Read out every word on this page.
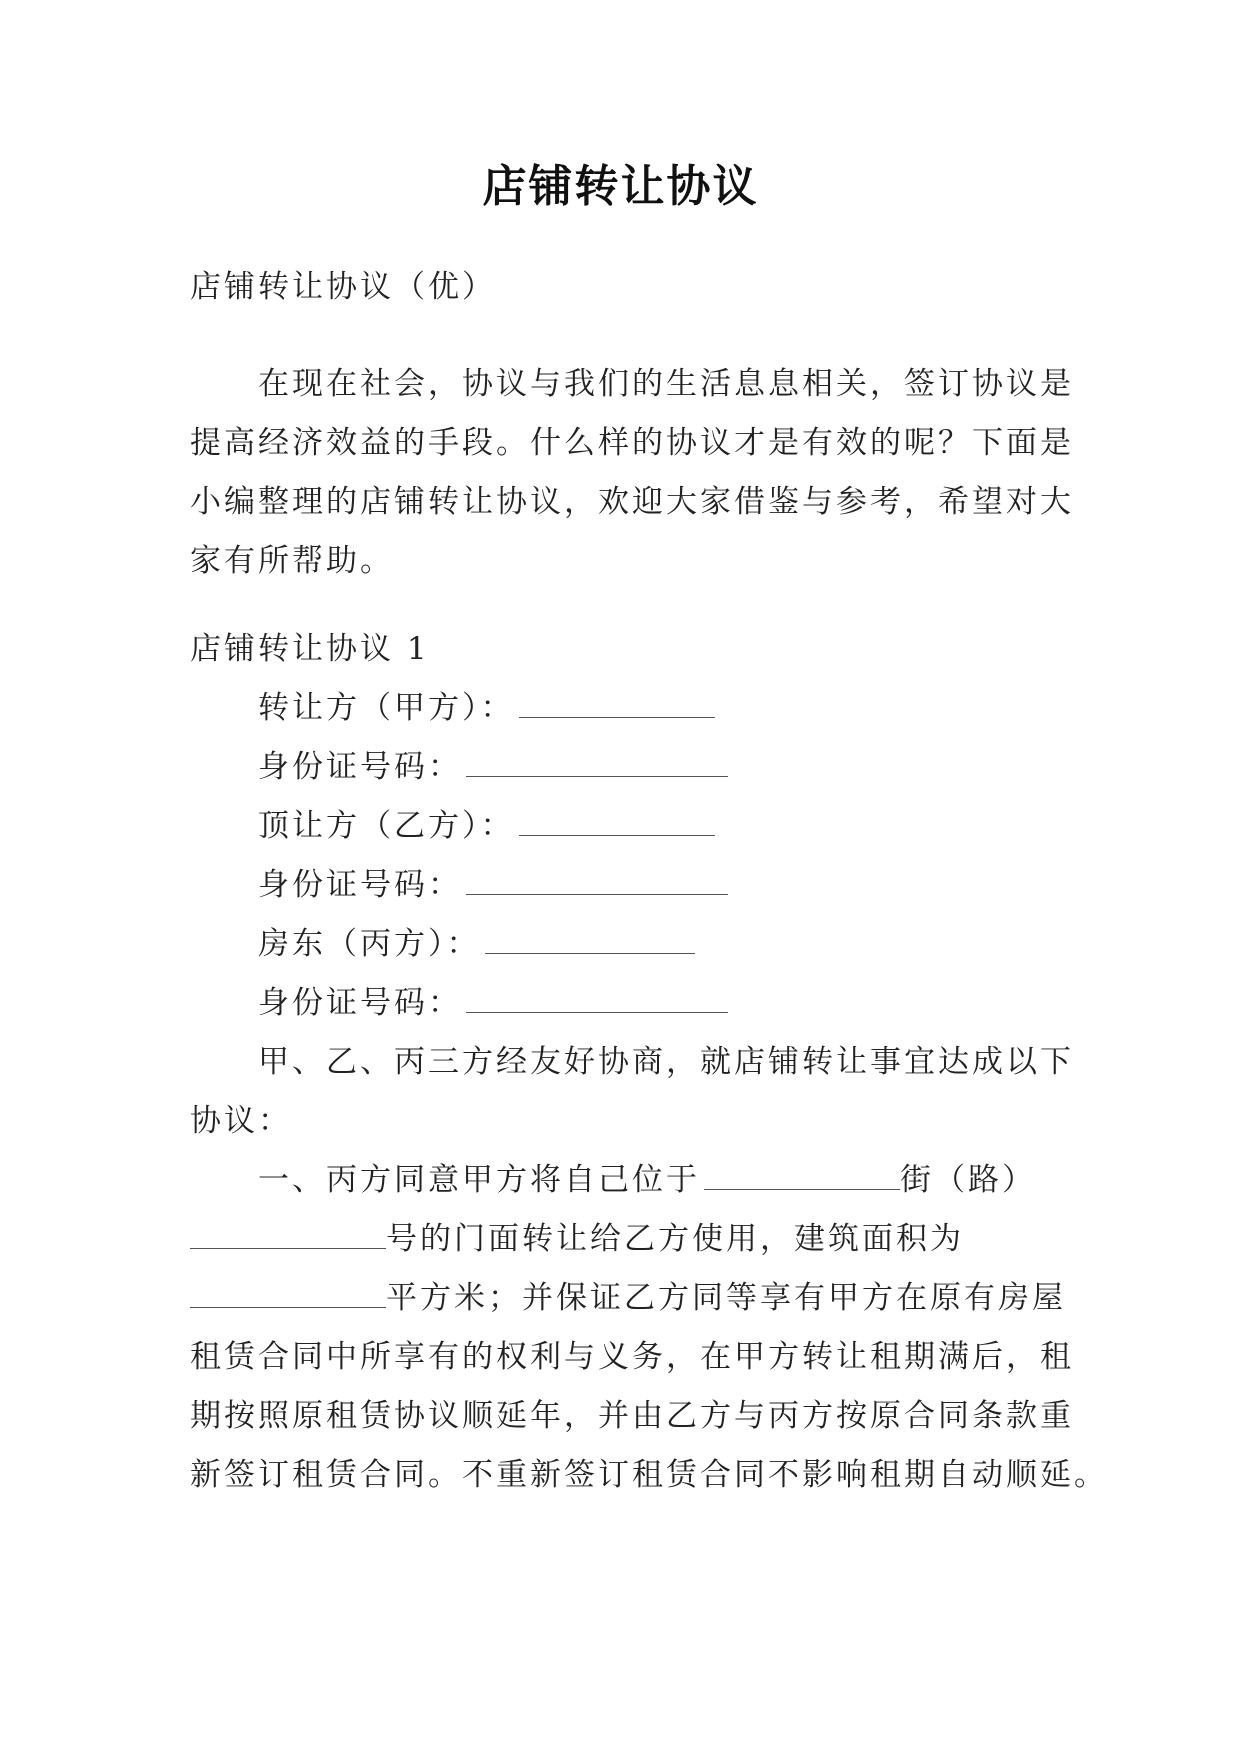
店铺转让协议
店铺转让协议（优）
在现在社会，协议与我们的生活息息相关，签订协议是
提高经济效益的手段。什么样的协议才是有效的呢？下面是
小编整理的店铺转让协议，欢迎大家借鉴与参考，希望对大
家有所帮助。
店铺转让协议 1
转让方（甲方）：
身份证号码：
顶让方（乙方）：
身份证号码：
房东（丙方）：
身份证号码：
甲、乙、丙三方经友好协商，就店铺转让事宜达成以下
协议：
一、丙方同意甲方将自己位于	街（路）
号的门面转让给乙方使用，建筑面积为
平方米；并保证乙方同等享有甲方在原有房屋
租赁合同中所享有的权利与义务，在甲方转让租期满后，租
期按照原租赁协议顺延年，并由乙方与丙方按原合同条款重
新签订租赁合同。不重新签订租赁合同不影响租期自动顺延。
